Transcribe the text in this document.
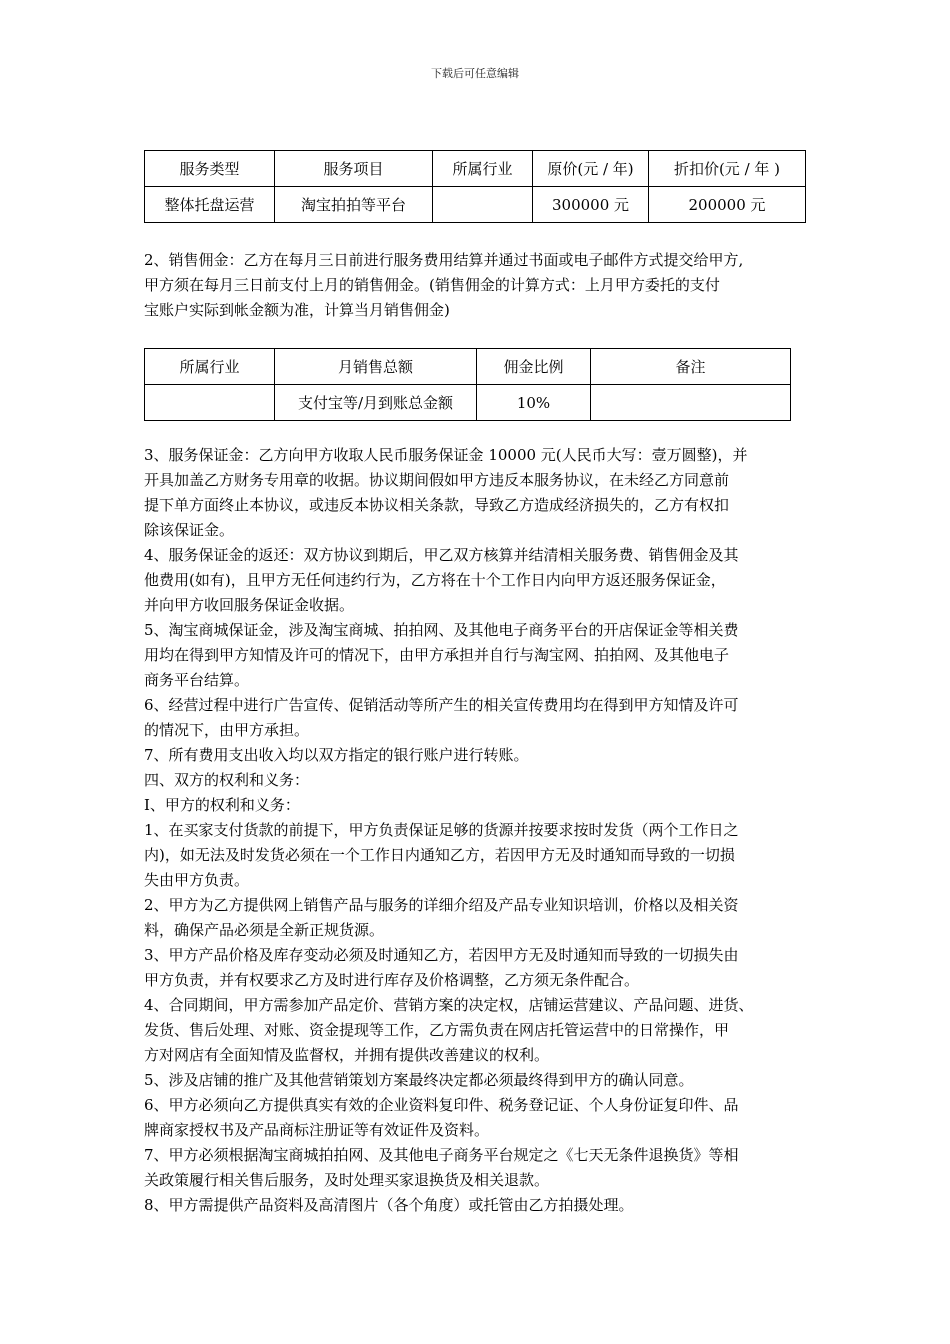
下载后可任意编辑
服务类型	服务项目	所属行业	原价(元 / 年)	折扣价(元 / 年 )
整体托盘运营	淘宝拍拍等平台		300000 元	200000 元
2、销售佣金：乙方在每月三日前进行服务费用结算并通过书面或电子邮件方式提交给甲方,
甲方须在每月三日前支付上月的销售佣金。(销售佣金的计算方式：上月甲方委托的支付
宝账户实际到帐金额为准，计算当月销售佣金)
所属行业	月销售总额	佣金比例	备注
	支付宝等/月到账总金额	10%	
3、服务保证金：乙方向甲方收取人民币服务保证金 10000 元(人民币大写：壹万圆整)，并
开具加盖乙方财务专用章的收据。协议期间假如甲方违反本服务协议，在未经乙方同意前
提下单方面终止本协议，或违反本协议相关条款，导致乙方造成经济损失的，乙方有权扣
除该保证金。
4、服务保证金的返还：双方协议到期后，甲乙双方核算并结清相关服务费、销售佣金及其
他费用(如有)，且甲方无任何违约行为，乙方将在十个工作日内向甲方返还服务保证金，
并向甲方收回服务保证金收据。
5、淘宝商城保证金，涉及淘宝商城、拍拍网、及其他电子商务平台的开店保证金等相关费
用均在得到甲方知情及许可的情况下，由甲方承担并自行与淘宝网、拍拍网、及其他电子
商务平台结算。
6、经营过程中进行广告宣传、促销活动等所产生的相关宣传费用均在得到甲方知情及许可
的情况下，由甲方承担。
7、所有费用支出收入均以双方指定的银行账户进行转账。
四、双方的权利和义务：
I、甲方的权利和义务：
1、在买家支付货款的前提下，甲方负责保证足够的货源并按要求按时发货（两个工作日之
内)，如无法及时发货必须在一个工作日内通知乙方，若因甲方无及时通知而导致的一切损
失由甲方负责。
2、甲方为乙方提供网上销售产品与服务的详细介绍及产品专业知识培训，价格以及相关资
料，确保产品必须是全新正规货源。
3、甲方产品价格及库存变动必须及时通知乙方，若因甲方无及时通知而导致的一切损失由
甲方负责，并有权要求乙方及时进行库存及价格调整，乙方须无条件配合。
4、合同期间，甲方需参加产品定价、营销方案的决定权，店铺运营建议、产品问题、进货、
发货、售后处理、对账、资金提现等工作，乙方需负责在网店托管运营中的日常操作，甲
方对网店有全面知情及监督权，并拥有提供改善建议的权利。
5、涉及店铺的推广及其他营销策划方案最终决定都必须最终得到甲方的确认同意。
6、甲方必须向乙方提供真实有效的企业资料复印件、税务登记证、个人身份证复印件、品
牌商家授权书及产品商标注册证等有效证件及资料。
7、甲方必须根据淘宝商城拍拍网、及其他电子商务平台规定之《七天无条件退换货》等相
关政策履行相关售后服务，及时处理买家退换货及相关退款。
8、甲方需提供产品资料及高清图片（各个角度）或托管由乙方拍摄处理。
